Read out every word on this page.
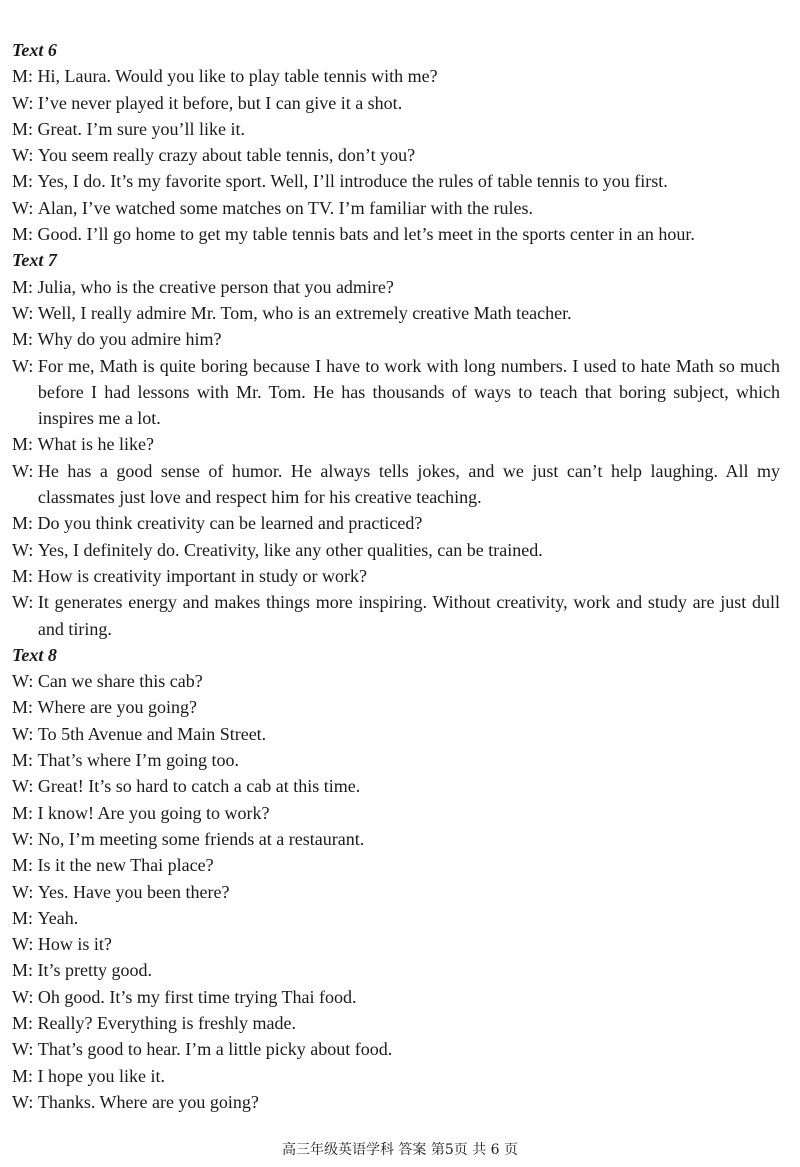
Text 6
M:
Hi, Laura. Would you like to play table tennis with me?
W:
I’ve never played it before, but I can give it a shot.
M:
Great. I’m sure you’ll like it.
W:
You seem really crazy about table tennis, don’t you?
M:
Yes, I do. It’s my favorite sport. Well, I’ll introduce the rules of table tennis to you first.
W:
Alan, I’ve watched some matches on TV. I’m familiar with the rules.
M:
Good. I’ll go home to get my table tennis bats and let’s meet in the sports center in an hour.
Text 7
M:
Julia, who is the creative person that you admire?
W:
Well, I really admire Mr. Tom, who is an extremely creative Math teacher.
M:
Why do you admire him?
W:
For me, Math is quite boring because I have to work with long numbers. I used to hate Math so much before I had lessons with Mr. Tom. He has thousands of ways to teach that boring subject, which inspires me a lot.
M:
What is he like?
W:
He has a good sense of humor. He always tells jokes, and we just can’t help laughing. All my classmates just love and respect him for his creative teaching.
M:
Do you think creativity can be learned and practiced?
W:
Yes, I definitely do. Creativity, like any other qualities, can be trained.
M:
How is creativity important in study or work?
W:
It generates energy and makes things more inspiring. Without creativity, work and study are just dull and tiring.
Text 8
W:
Can we share this cab?
M:
Where are you going?
W:
To 5th Avenue and Main Street.
M:
That’s where I’m going too.
W:
Great! It’s so hard to catch a cab at this time.
M:
I know! Are you going to work?
W:
No, I’m meeting some friends at a restaurant.
M:
Is it the new Thai place?
W:
Yes. Have you been there?
M:
Yeah.
W:
How is it?
M:
It’s pretty good.
W:
Oh good. It’s my first time trying Thai food.
M:
Really? Everything is freshly made.
W:
That’s good to hear. I’m a little picky about food.
M:
I hope you like it.
W:
Thanks. Where are you going?
高三年级英语学科 答案 第5页 共 6 页
